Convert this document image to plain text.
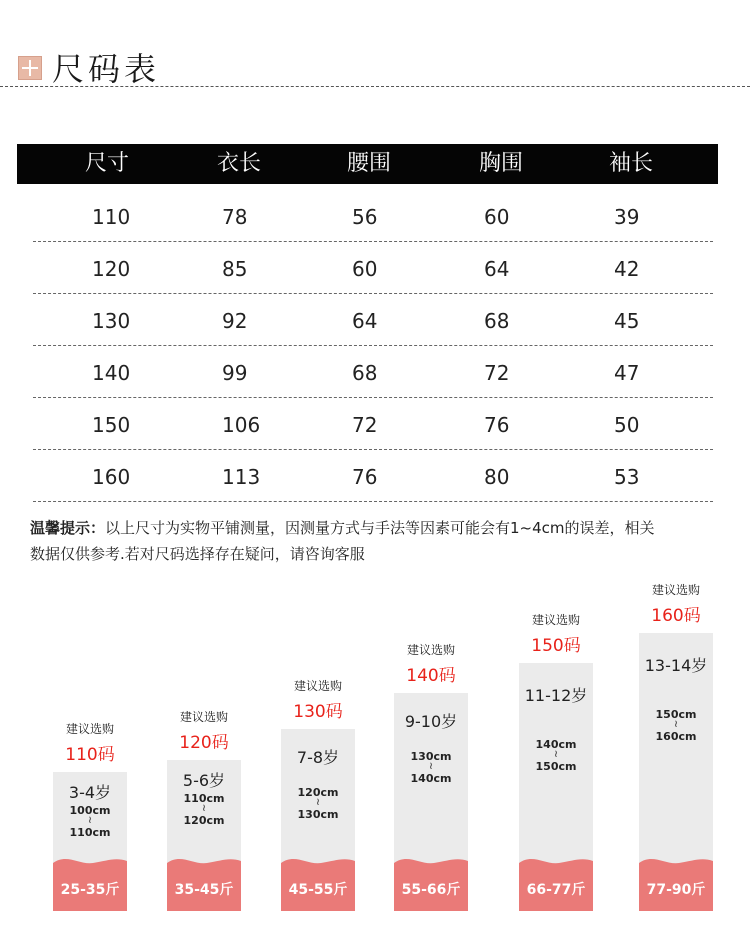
尺码表
尺寸	衣长	腰围	胸围	袖长
110	78	56	60	39
120	85	60	64	42
130	92	64	68	45
140	99	68	72	47
150	106	72	76	50
160	113	76	80	53
温馨提示：以上尺寸为实物平铺测量，因测量方式与手法等因素可能会有1~4cm的误差，相关
数据仅供参考.若对尺码选择存在疑问，请咨询客服
建议选购
110码
25-35斤
3-4岁
100cm
≀
110cm
建议选购
120码
35-45斤
5-6岁
110cm
≀
120cm
建议选购
130码
45-55斤
7-8岁
120cm
≀
130cm
建议选购
140码
55-66斤
9-10岁
130cm
≀
140cm
建议选购
150码
66-77斤
11-12岁
140cm
≀
150cm
建议选购
160码
77-90斤
13-14岁
150cm
≀
160cm
